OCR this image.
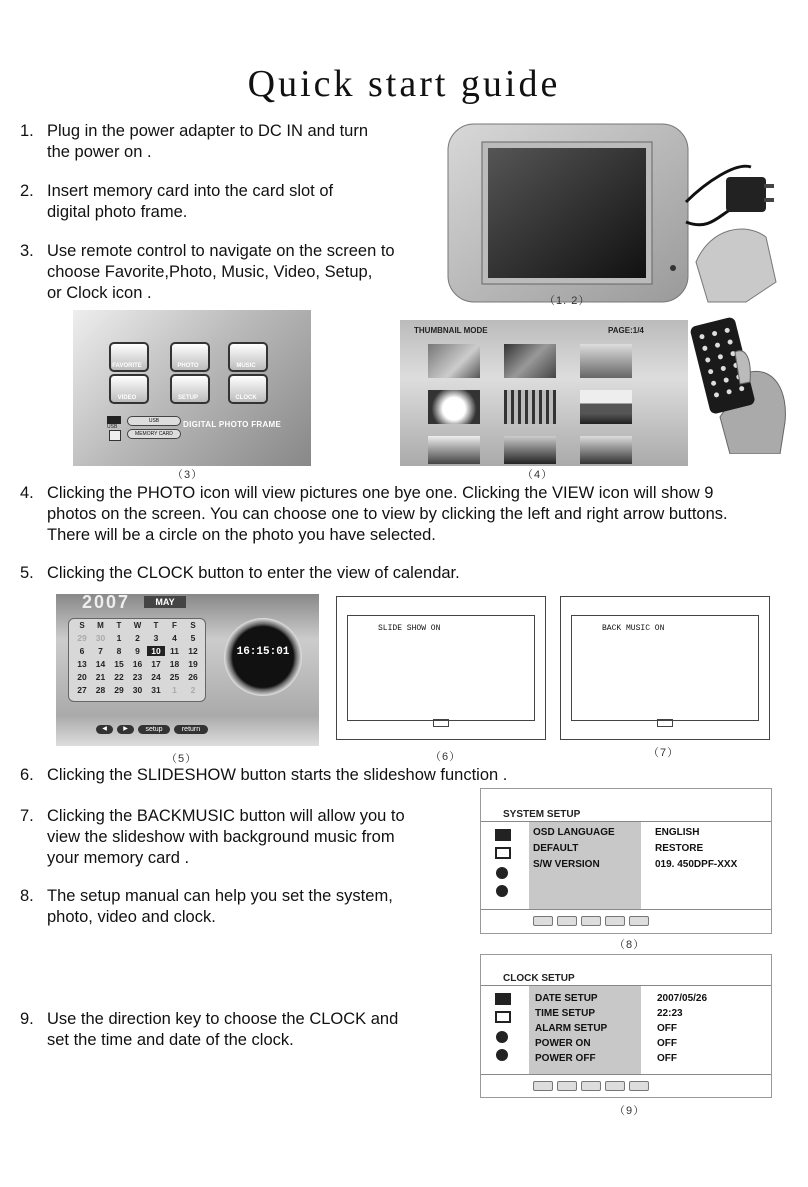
Quick start guide
1. Plug in the power adapter to DC IN and turn
the power on .
2. Insert memory card into the card slot of
digital photo frame.
3. Use remote control to navigate on the screen to
choose Favorite,Photo, Music, Video, Setup,
or Clock icon .	（1. 2）
FAVORITE	PHOTO	MUSIC
VIDEO	SETUP	CLOCK
USB
USB
MEMORY CARD
DIGITAL PHOTO FRAME
（3）
THUMBNAIL MODE	PAGE:1/4
（4）
4. Clicking the PHOTO icon will view pictures one bye one. Clicking the VIEW icon will show 9
photos on the screen. You can choose one to view by clicking the left and right arrow buttons.
There will be a circle on the photo you have selected.
5. Clicking the CLOCK button to enter the view of calendar.
2007	MAY
S	M	T	W	T	F	S
29	30	1	2	3	4	5
6	7	8	9	10	11	12
13	14	15	16	17	18	19
20	21	22	23	24	25	26
27	28	29	30	31	1	2
16:15:01
◀	▶	setup	return
（5）
SLIDE SHOW ON
（6）
BACK MUSIC ON
（7）
6. Clicking the SLIDESHOW button starts the slideshow function .
7. Clicking the BACKMUSIC button will allow you to
view the slideshow with background music from
your memory card .
8. The setup manual can help you set the system,
photo, video and clock.
9. Use the direction key to choose the CLOCK and
set the time and date of the clock.
SYSTEM SETUP
OSD LANGUAGE	ENGLISH
DEFAULT	RESTORE
S/W VERSION	019. 450DPF-XXX
（8）
CLOCK SETUP
DATE SETUP	2007/05/26
TIME SETUP	22:23
ALARM SETUP	OFF
POWER ON	OFF
POWER OFF	OFF
（9）
